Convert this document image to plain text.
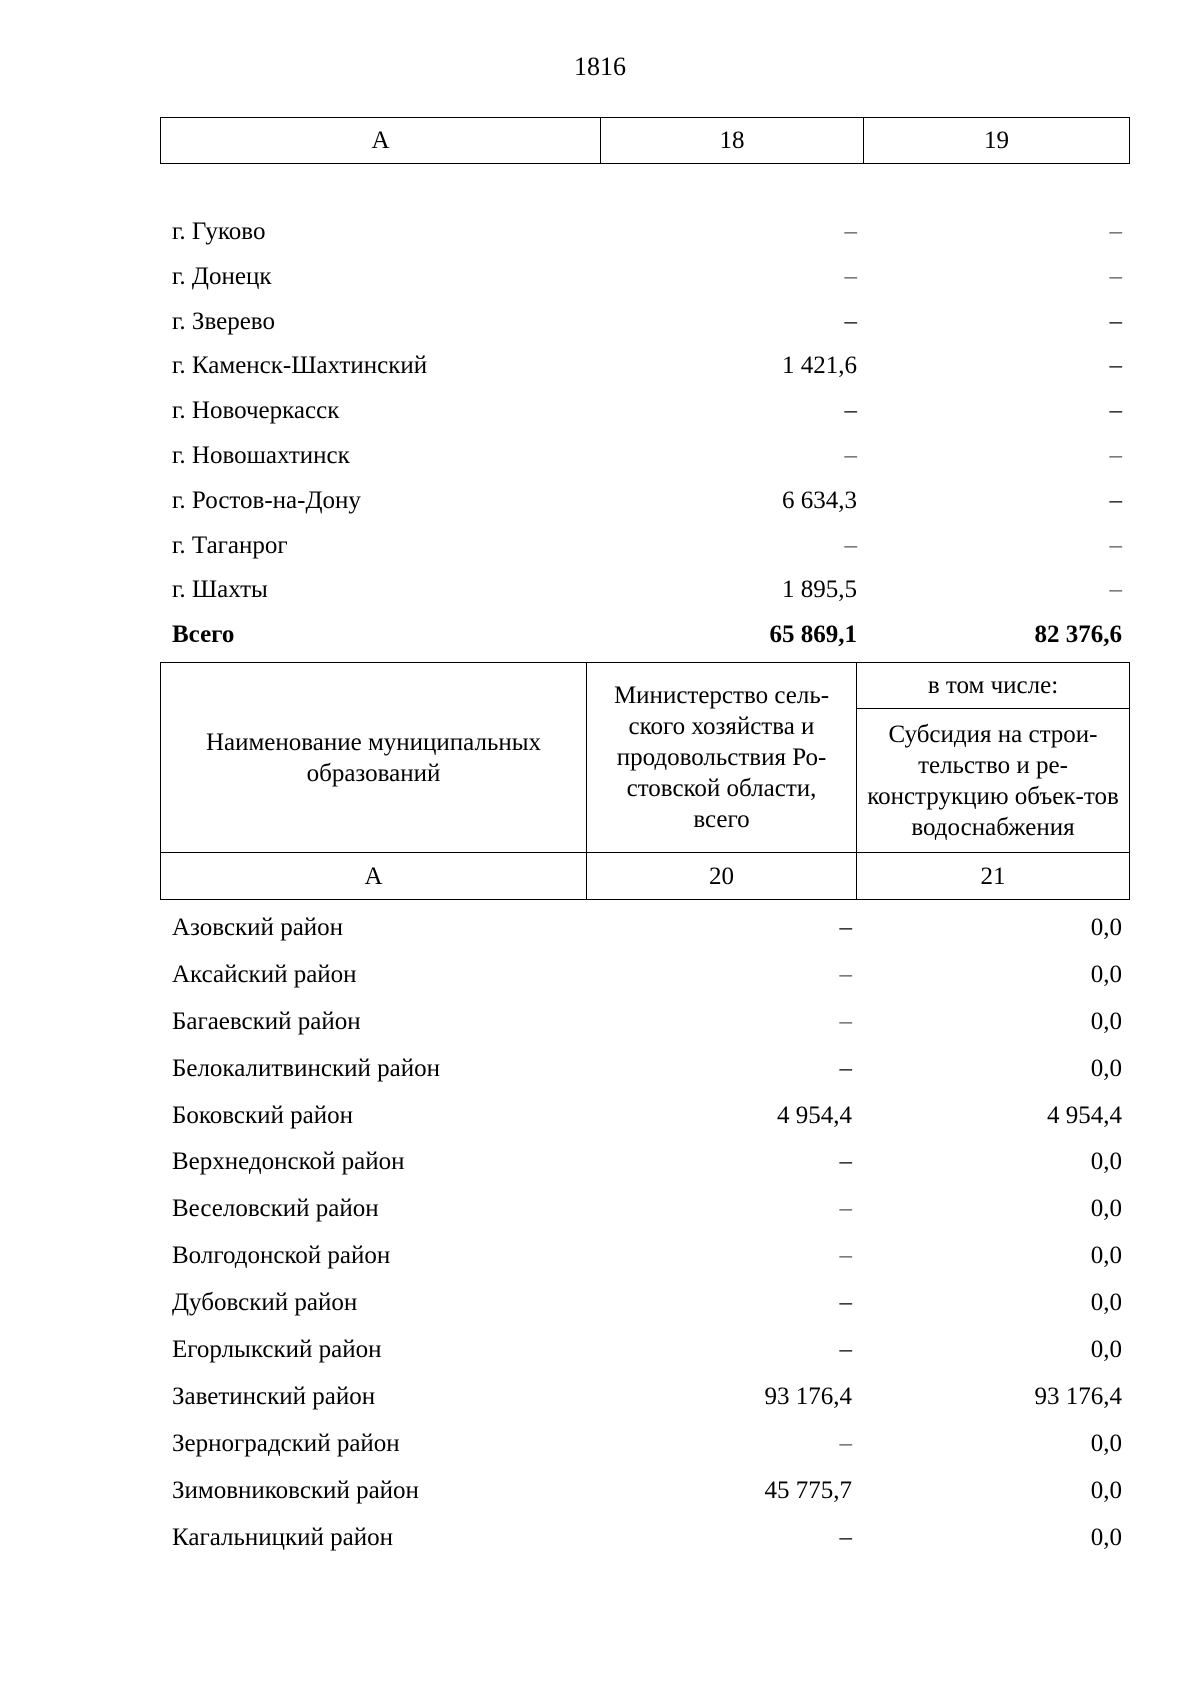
1816
А	18	19
г. Гуково	–	–
г. Донецк	–	–
г. Зверево	–	–
г. Каменск-Шахтинский	1 421,6	–
г. Новочеркасск	–	–
г. Новошахтинск	–	–
г. Ростов-на-Дону	6 634,3	–
г. Таганрог	–	–
г. Шахты	1 895,5	–
Всего	65 869,1	82 376,6
Наименование муниципальных образований	Министерство сель-ского хозяйства и продовольствия Ро-стовской области, всего	в том числе:
		Субсидия на строи-тельство и ре-конструкцию объек-тов водоснабжения
А	20	21
Азовский район	–	0,0
Аксайский район	–	0,0
Багаевский район	–	0,0
Белокалитвинский район	–	0,0
Боковский район	4 954,4	4 954,4
Верхнедонской район	–	0,0
Веселовский район	–	0,0
Волгодонской район	–	0,0
Дубовский район	–	0,0
Егорлыкский район	–	0,0
Заветинский район	93 176,4	93 176,4
Зерноградский район	–	0,0
Зимовниковский район	45 775,7	0,0
Кагальницкий район	–	0,0
